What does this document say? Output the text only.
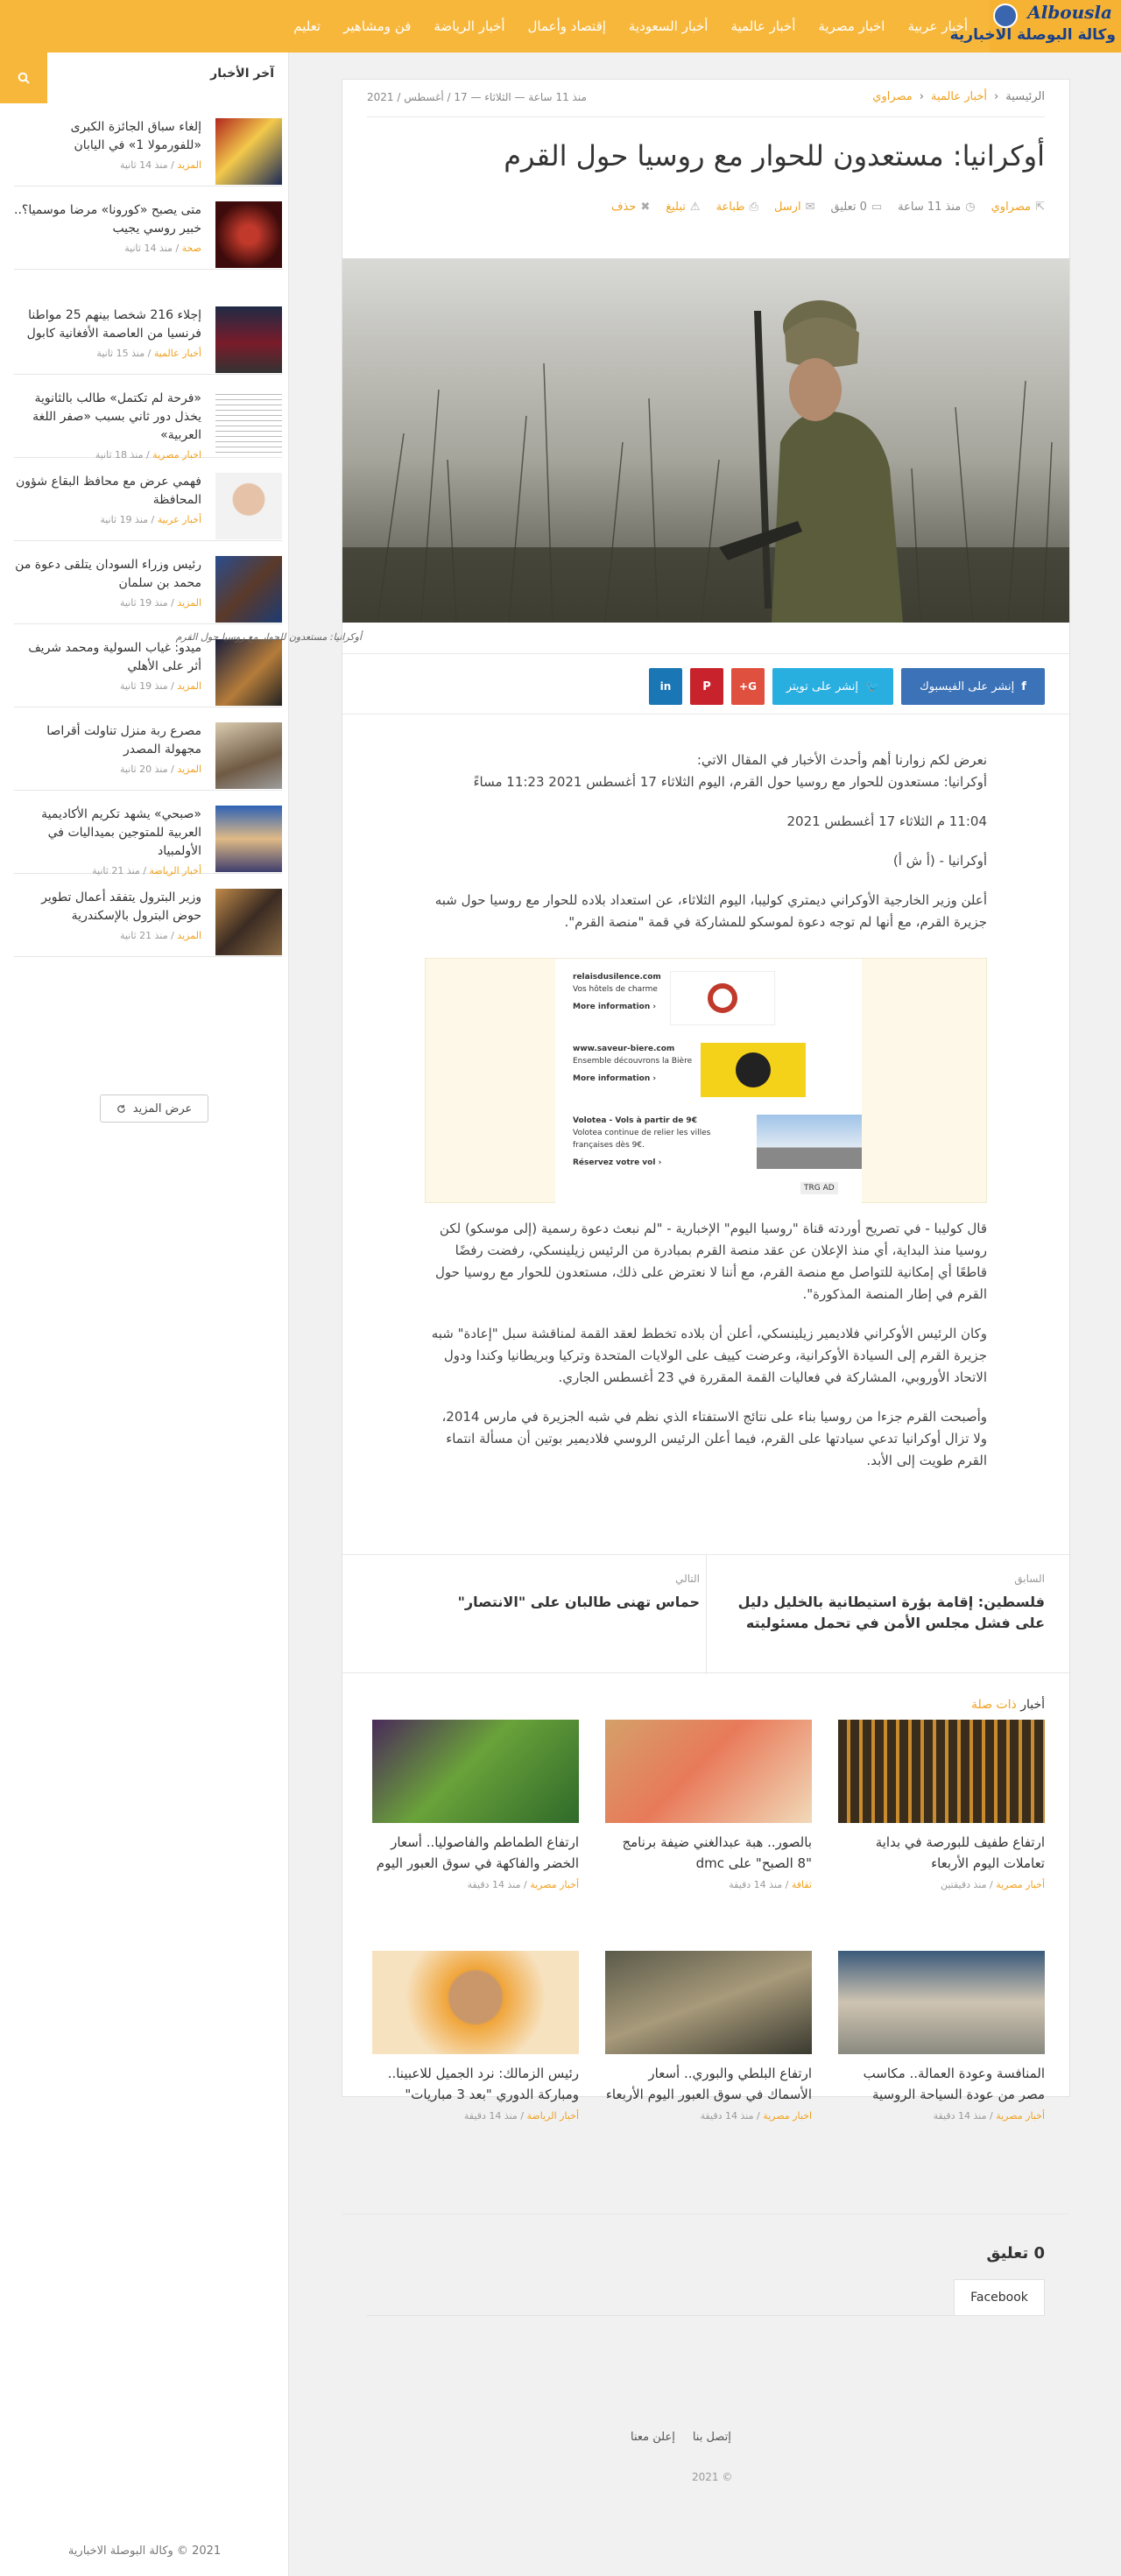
Albousla
وكالة البوصلة الاخبارية
أخبار عربية
اخبار مصرية
أخبار عالمية
أخبار السعودية
إقتصاد وأعمال
أخبار الرياضة
فن ومشاهير
تعليم
آخر الأخبار
إلغاء سباق الجائزة الكبرى «للفورمولا 1» في اليابان
المزيد / منذ 14 ثانية
متى يصبح «كورونا» مرضا موسميا؟.. خبير روسي يجيب
صحة / منذ 14 ثانية
إجلاء 216 شخصا بينهم 25 مواطنا فرنسيا من العاصمة الأفغانية كابول
أخبار عالمية / منذ 15 ثانية
«فرحة لم تكتمل» طالب بالثانوية يخذل دور ثاني بسبب «صفر اللغة العربية»
اخبار مصرية / منذ 18 ثانية
فهمي عرض مع محافظ البقاع شؤون المحافظة
أخبار عربية / منذ 19 ثانية
رئيس وزراء السودان يتلقى دعوة من محمد بن سلمان
المزيد / منذ 19 ثانية
ميدو: غياب السولية ومحمد شريف أثر على الأهلي
المزيد / منذ 19 ثانية
مصرع ربة منزل تناولت أقراصا مجهولة المصدر
المزيد / منذ 20 ثانية
«صبحي» يشهد تكريم الأكاديمية العربية للمتوجين بميداليات في الأولمبياد
أخبار الرياضة / منذ 21 ثانية
وزير البترول يتفقد أعمال تطوير حوض البترول بالإسكندرية
المزيد / منذ 21 ثانية
عرض المزيد
2021 © وكالة البوصلة الاخبارية
الرئيسية
‹
أخبار عالمية
‹
مصراوي
منذ 11 ساعة — الثلاثاء — 17 / أغسطس / 2021
أوكرانيا: مستعدون للحوار مع روسيا حول القرم
⇱مصراوي
◷منذ 11 ساعة
▭0 تعليق
✉ارسل
⎙طباعة
⚠تبليغ
✖حذف
أوكرانيا: مستعدون للحوار مع روسيا حول القرم
f
إنشر على الفيسبوك
🐦
إنشر على تويتر
G+
P
in

نعرض لكم زوارنا أهم وأحدث الأخبار في المقال الاتي:

أوكرانيا: مستعدون للحوار مع روسيا حول القرم، اليوم الثلاثاء 17 أغسطس 2021 11:23 مساءً

11:04 م الثلاثاء 17 أغسطس 2021

أوكرانيا - (أ ش أ)

أعلن وزير الخارجية الأوكراني ديمتري كوليبا، اليوم الثلاثاء، عن استعداد بلاده للحوار مع روسيا حول شبه جزيرة القرم، مع أنها لم توجه دعوة لموسكو للمشاركة في قمة "منصة القرم".

قال كوليبا - في تصريح أوردته قناة "روسيا اليوم" الإخبارية - "لم نبعث دعوة رسمية (إلى موسكو) لكن روسيا منذ البداية، أي منذ الإعلان عن عقد منصة القرم بمبادرة من الرئيس زيلينسكي، رفضت رفضًا قاطعًا أي إمكانية للتواصل مع منصة القرم، مع أننا لا نعترض على ذلك، مستعدون للحوار مع روسيا حول القرم في إطار المنصة المذكورة".

وكان الرئيس الأوكراني فلاديمير زيلينسكي، أعلن أن بلاده تخطط لعقد القمة لمناقشة سبل "إعادة" شبه جزيرة القرم إلى السيادة الأوكرانية، وعرضت كييف على الولايات المتحدة وتركيا وبريطانيا وكندا ودول الاتحاد الأوروبي، المشاركة في فعاليات القمة المقررة في 23 أغسطس الجاري.

وأصبحت القرم جزءا من روسيا بناء على نتائج الاستفتاء الذي نظم في شبه الجزيرة في مارس 2014، ولا تزال أوكرانيا تدعي سيادتها على القرم، فيما أعلن الرئيس الروسي فلاديمير بوتين أن مسألة انتماء القرم طويت إلى الأبد.

relaisdusilence.com
Vos hôtels de charme
More information ›
www.saveur-biere.com
Ensemble découvrons la Bière
More information ›
Volotea - Vols à partir de 9€
Volotea continue de relier les villes françaises dès 9€.
Réservez votre vol ›
TRG AD
السابق
فلسطين: إقامة بؤرة استيطانية بالخليل دليل على فشل مجلس الأمن في تحمل مسئوليته
التالي
حماس تهنى طالبان على "الانتصار"
أخبار ذات صلة
ارتفاع طفيف للبورصة في بداية تعاملات اليوم الأربعاء
أخبار مصرية / منذ دقيقتين
بالصور.. هبة عبدالغني ضيفة برنامج "8 الصبح" على dmc
ثقافة / منذ 14 دقيقة
ارتفاع الطماطم والفاصوليا.. أسعار الخضر والفاكهة في سوق العبور اليوم
أخبار مصرية / منذ 14 دقيقة
المنافسة وعودة العمالة.. مكاسب مصر من عودة السياحة الروسية
أخبار مصرية / منذ 14 دقيقة
ارتفاع البلطي والبوري.. أسعار الأسماك في سوق العبور اليوم الأربعاء
اخبار مصرية / منذ 14 دقيقة
رئيس الزمالك: نرد الجميل للاعبينا.. ومباركة الدوري "بعد 3 مباريات"
أخبار الرياضة / منذ 14 دقيقة
0 تعليق
Facebook
إتصل بنا
إعلن معنا
© 2021
